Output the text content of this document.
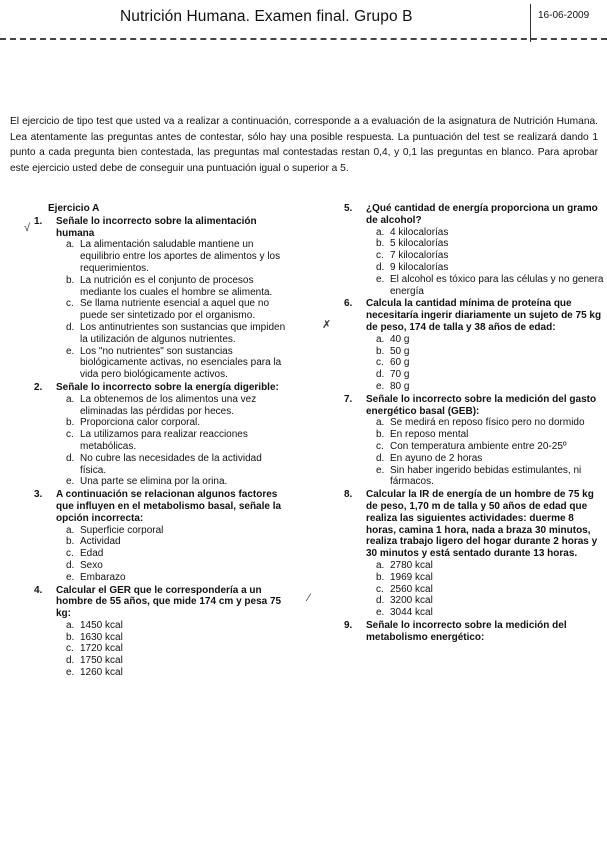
Nutrición Humana. Examen final. Grupo B	16-06-2009

El ejercicio de tipo test que usted va a realizar a continuación, corresponde a a evaluación de la asignatura de Nutrición Humana. Lea atentamente las preguntas antes de contestar, sólo hay una posible respuesta. La puntuación del test se realizará dando 1 punto a cada pregunta bien contestada, las preguntas mal contestadas restan 0,4, y 0,1 las preguntas en blanco. Para aprobar este ejercicio usted debe de conseguir una puntuación igual o superior a 5.

Ejercicio A
1. Señale lo incorrecto sobre la alimentación humana
a. La alimentación saludable mantiene un equilibrio entre los aportes de alimentos y los requerimientos.
b. La nutrición es el conjunto de procesos mediante los cuales el hombre se alimenta.
c. Se llama nutriente esencial a aquel que no puede ser sintetizado por el organismo.
d. Los antinutrientes son sustancias que impiden la utilización de algunos nutrientes.
e. Los "no nutrientes" son sustancias biológicamente activas, no esenciales para la vida pero biológicamente activos.
2. Señale lo incorrecto sobre la energía digerible:
a. La obtenemos de los alimentos una vez eliminadas las pérdidas por heces.
b. Proporciona calor corporal.
c. La utilizamos para realizar reacciones metabólicas.
d. No cubre las necesidades de la actividad física.
e. Una parte se elimina por la orina.
3. A continuación se relacionan algunos factores que influyen en el metabolismo basal, señale la opción incorrecta:
a. Superficie corporal
b. Actividad
c. Edad
d. Sexo
e. Embarazo
4. Calcular el GER que le correspondería a un hombre de 55 años, que mide 174 cm y pesa 75 kg:
a. 1450 kcal
b. 1630 kcal
c. 1720 kcal
d. 1750 kcal
e. 1260 kcal
5. ¿Qué cantidad de energía proporciona un gramo de alcohol?
a. 4 kilocalorías
b. 5 kilocalorías
c. 7 kilocalorías
d. 9 kilocalorías
e. El alcohol es tóxico para las células y no genera energía
6. Calcula la cantidad mínima de proteína que necesitaría ingerir diariamente un sujeto de 75 kg de peso, 174 de talla y 38 años de edad:
a. 40 g
b. 50 g
c. 60 g
d. 70 g
e. 80 g
7. Señale lo incorrecto sobre la medición del gasto energético basal (GEB):
a. Se medirá en reposo físico pero no dormido
b. En reposo mental
c. Con temperatura ambiente entre 20-25º
d. En ayuno de 2 horas
e. Sin haber ingerido bebidas estimulantes, ni fármacos.
8. Calcular la IR de energía de un hombre de 75 kg de peso, 1,70 m de talla y 50 años de edad que realiza las siguientes actividades: duerme 8 horas, camina 1 hora, nada a braza 30 minutos, realiza trabajo ligero del hogar durante 2 horas y 30 minutos y está sentado durante 13 horas.
a. 2780 kcal
b. 1969 kcal
c. 2560 kcal
d. 3200 kcal
e. 3044 kcal
9. Señale lo incorrecto sobre la medición del metabolismo energético:
√
✗
∕
